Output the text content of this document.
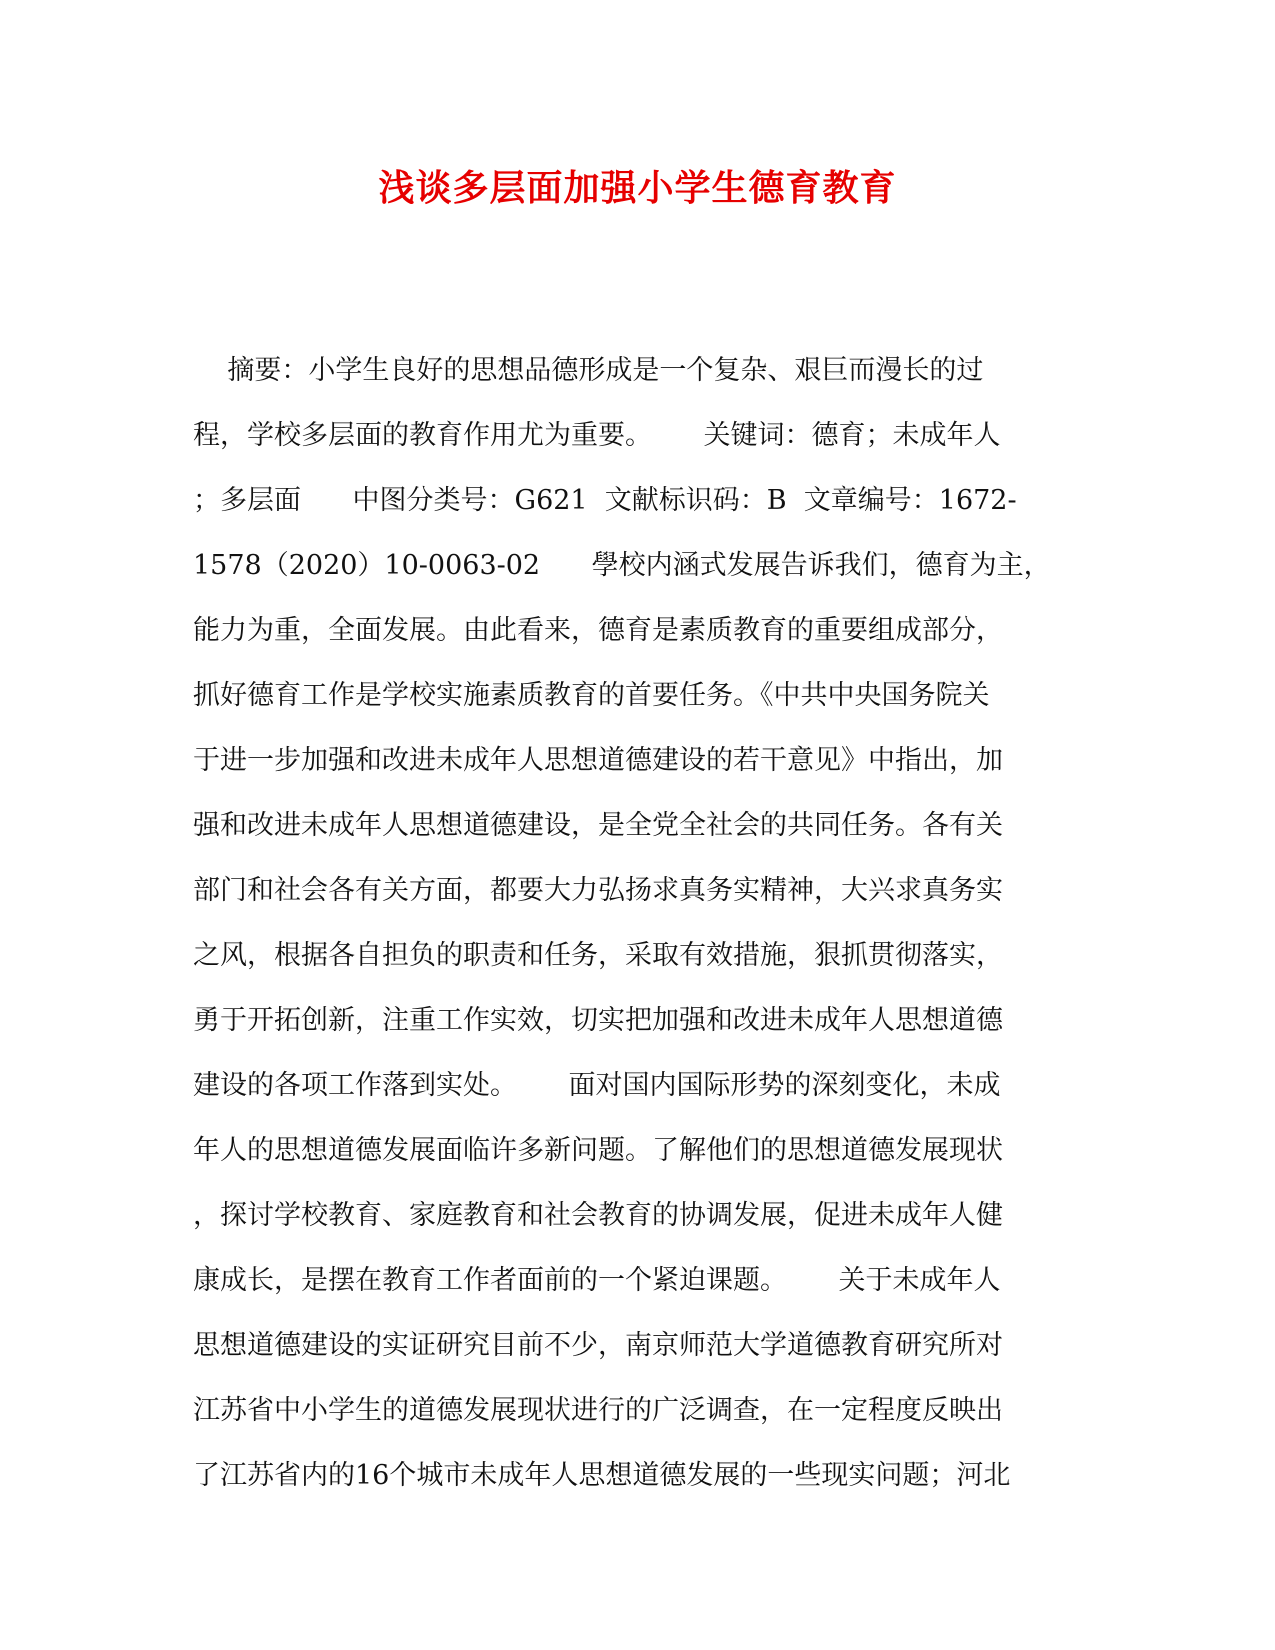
浅谈多层面加强小学生德育教育
摘要：小学生良好的思想品德形成是一个复杂、艰巨而漫长的过
程，学校多层面的教育作用尤为重要。      关键词：德育；未成年人
；多层面      中图分类号：G621  文献标识码：B  文章编号：1672-
1578（2020）10-0063-02      學校内涵式发展告诉我们，德育为主，
能力为重，全面发展。由此看来，德育是素质教育的重要组成部分，
抓好德育工作是学校实施素质教育的首要任务。《中共中央国务院关
于进一步加强和改进未成年人思想道德建设的若干意见》中指出，加
强和改进未成年人思想道德建设，是全党全社会的共同任务。各有关
部门和社会各有关方面，都要大力弘扬求真务实精神，大兴求真务实
之风，根据各自担负的职责和任务，采取有效措施，狠抓贯彻落实，
勇于开拓创新，注重工作实效，切实把加强和改进未成年人思想道德
建设的各项工作落到实处。      面对国内国际形势的深刻变化，未成
年人的思想道德发展面临许多新问题。了解他们的思想道德发展现状
，探讨学校教育、家庭教育和社会教育的协调发展，促进未成年人健
康成长，是摆在教育工作者面前的一个紧迫课题。      关于未成年人
思想道德建设的实证研究目前不少，南京师范大学道德教育研究所对
江苏省中小学生的道德发展现状进行的广泛调查，在一定程度反映出
了江苏省内的16个城市未成年人思想道德发展的一些现实问题；河北
